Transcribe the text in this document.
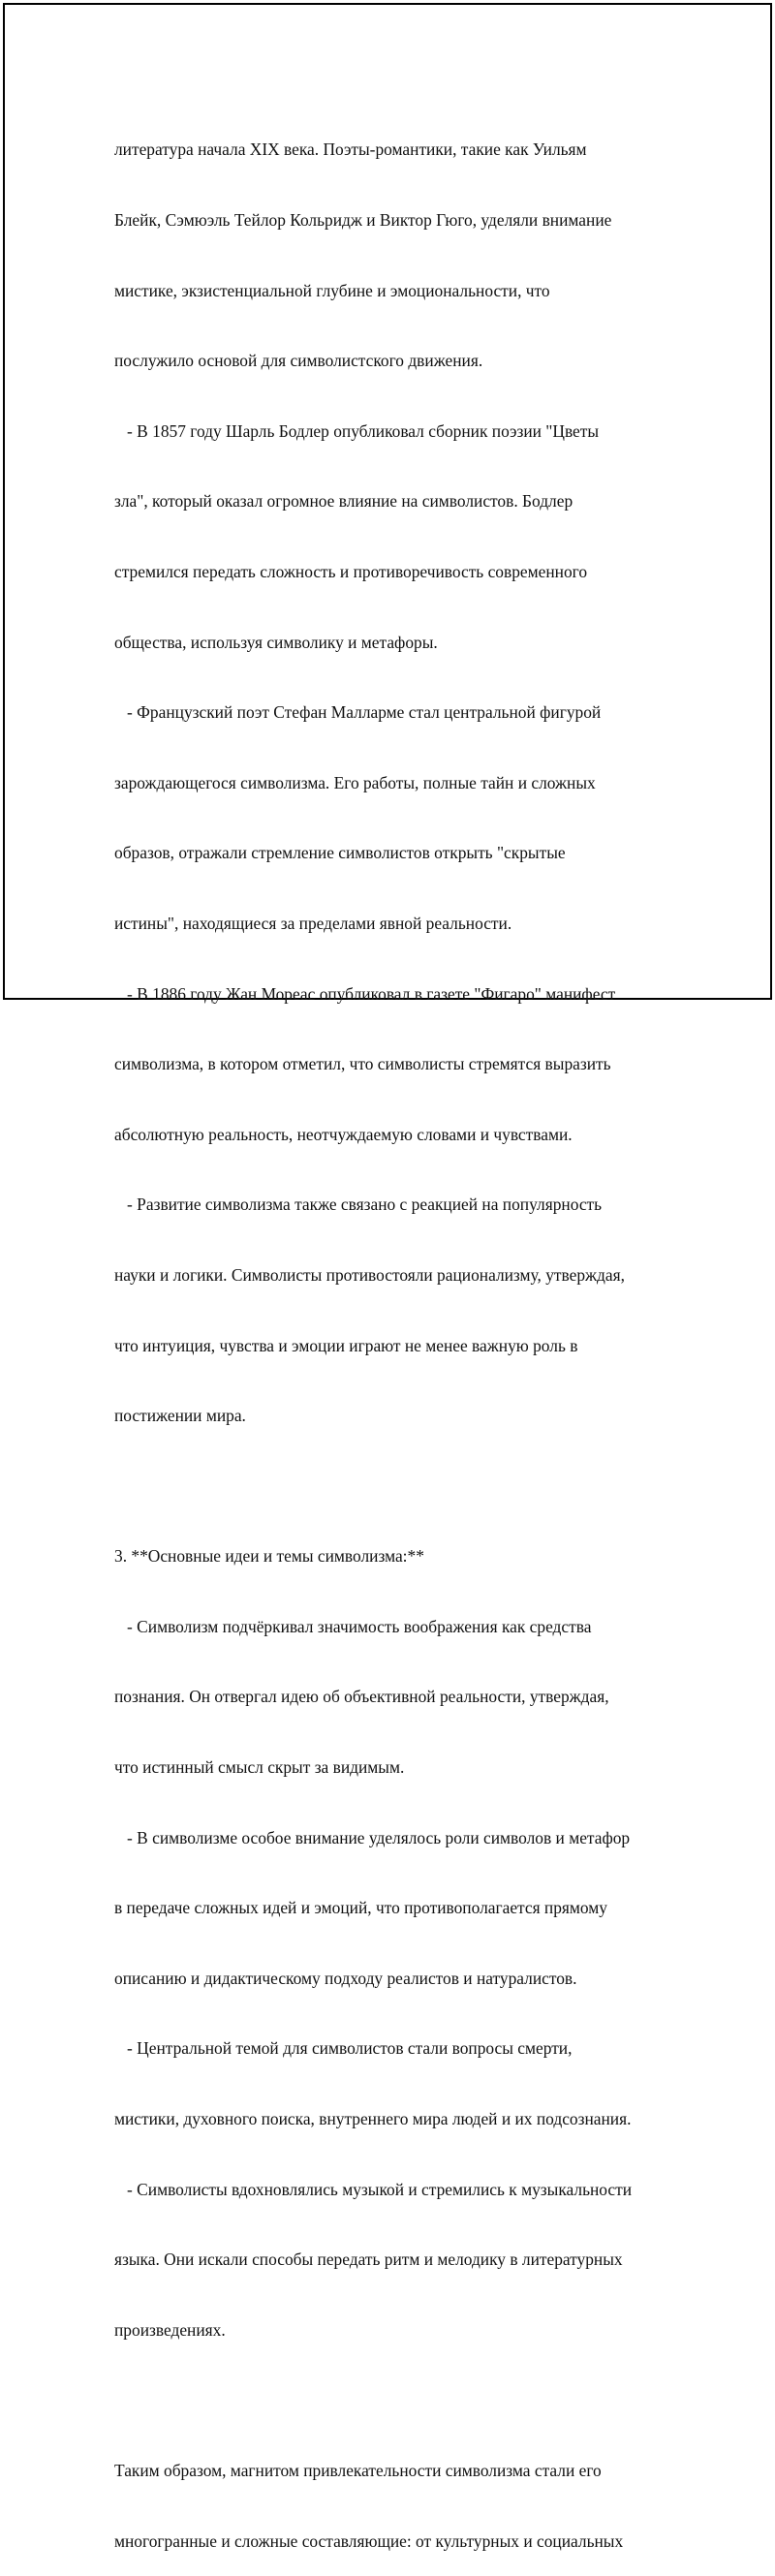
литература начала XIX века. Поэты-романтики, такие как Уильям

Блейк, Сэмюэль Тейлор Кольридж и Виктор Гюго, уделяли внимание

мистике, экзистенциальной глубине и эмоциональности, что

послужило основой для символистского движения.

- В 1857 году Шарль Бодлер опубликовал сборник поэзии "Цветы

зла", который оказал огромное влияние на символистов. Бодлер

стремился передать сложность и противоречивость современного

общества, используя символику и метафоры.

- Французский поэт Стефан Малларме стал центральной фигурой

зарождающегося символизма. Его работы, полные тайн и сложных

образов, отражали стремление символистов открыть "скрытые

истины", находящиеся за пределами явной реальности.

- В 1886 году Жан Мореас опубликовал в газете "Фигаро" манифест

символизма, в котором отметил, что символисты стремятся выразить

абсолютную реальность, неотчуждаемую словами и чувствами.

- Развитие символизма также связано с реакцией на популярность

науки и логики. Символисты противостояли рационализму, утверждая,

что интуиция, чувства и эмоции играют не менее важную роль в

постижении мира.

3. **Основные идеи и темы символизма:**

- Символизм подчёркивал значимость воображения как средства

познания. Он отвергал идею об объективной реальности, утверждая,

что истинный смысл скрыт за видимым.

- В символизме особое внимание уделялось роли символов и метафор

в передаче сложных идей и эмоций, что противополагается прямому

описанию и дидактическому подходу реалистов и натуралистов.

- Центральной темой для символистов стали вопросы смерти,

мистики, духовного поиска, внутреннего мира людей и их подсознания.

- Символисты вдохновлялись музыкой и стремились к музыкальности

языка. Они искали способы передать ритм и мелодику в литературных

произведениях.

Таким образом, магнитом привлекательности символизма стали его

многогранные и сложные составляющие: от культурных и социальных
